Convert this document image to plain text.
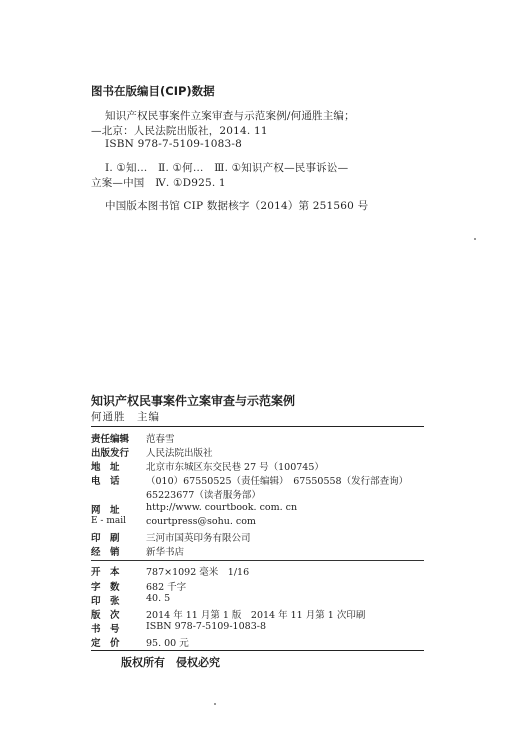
图书在版编目(CIP)数据
知识产权民事案件立案审查与示范案例/何通胜主编；
—北京：人民法院出版社，2014. 11
ISBN 978-7-5109-1083-8
Ⅰ. ①知…　Ⅱ. ①何…　Ⅲ. ①知识产权—民事诉讼—
立案—中国　Ⅳ. ①D925. 1
中国版本图书馆 CIP 数据核字（2014）第 251560 号
知识产权民事案件立案审查与示范案例
何通胜　主编
责任编辑	范春雪
出版发行	人民法院出版社
地　址	北京市东城区东交民巷 27 号（100745）
电　话	（010）67550525（责任编辑）　67550558（发行部查询）
65223677（读者服务部）
网　址	http://www. courtbook. com. cn
E - mail	courtpress@sohu. com
印　刷	三河市国英印务有限公司
经　销	新华书店
开　本	787×1092 毫米　1/16
字　数	682 千字
印　张	40. 5
版　次	2014 年 11 月第 1 版　2014 年 11 月第 1 次印刷
书　号	ISBN 978-7-5109-1083-8
定　价	95. 00 元
版权所有　侵权必究
